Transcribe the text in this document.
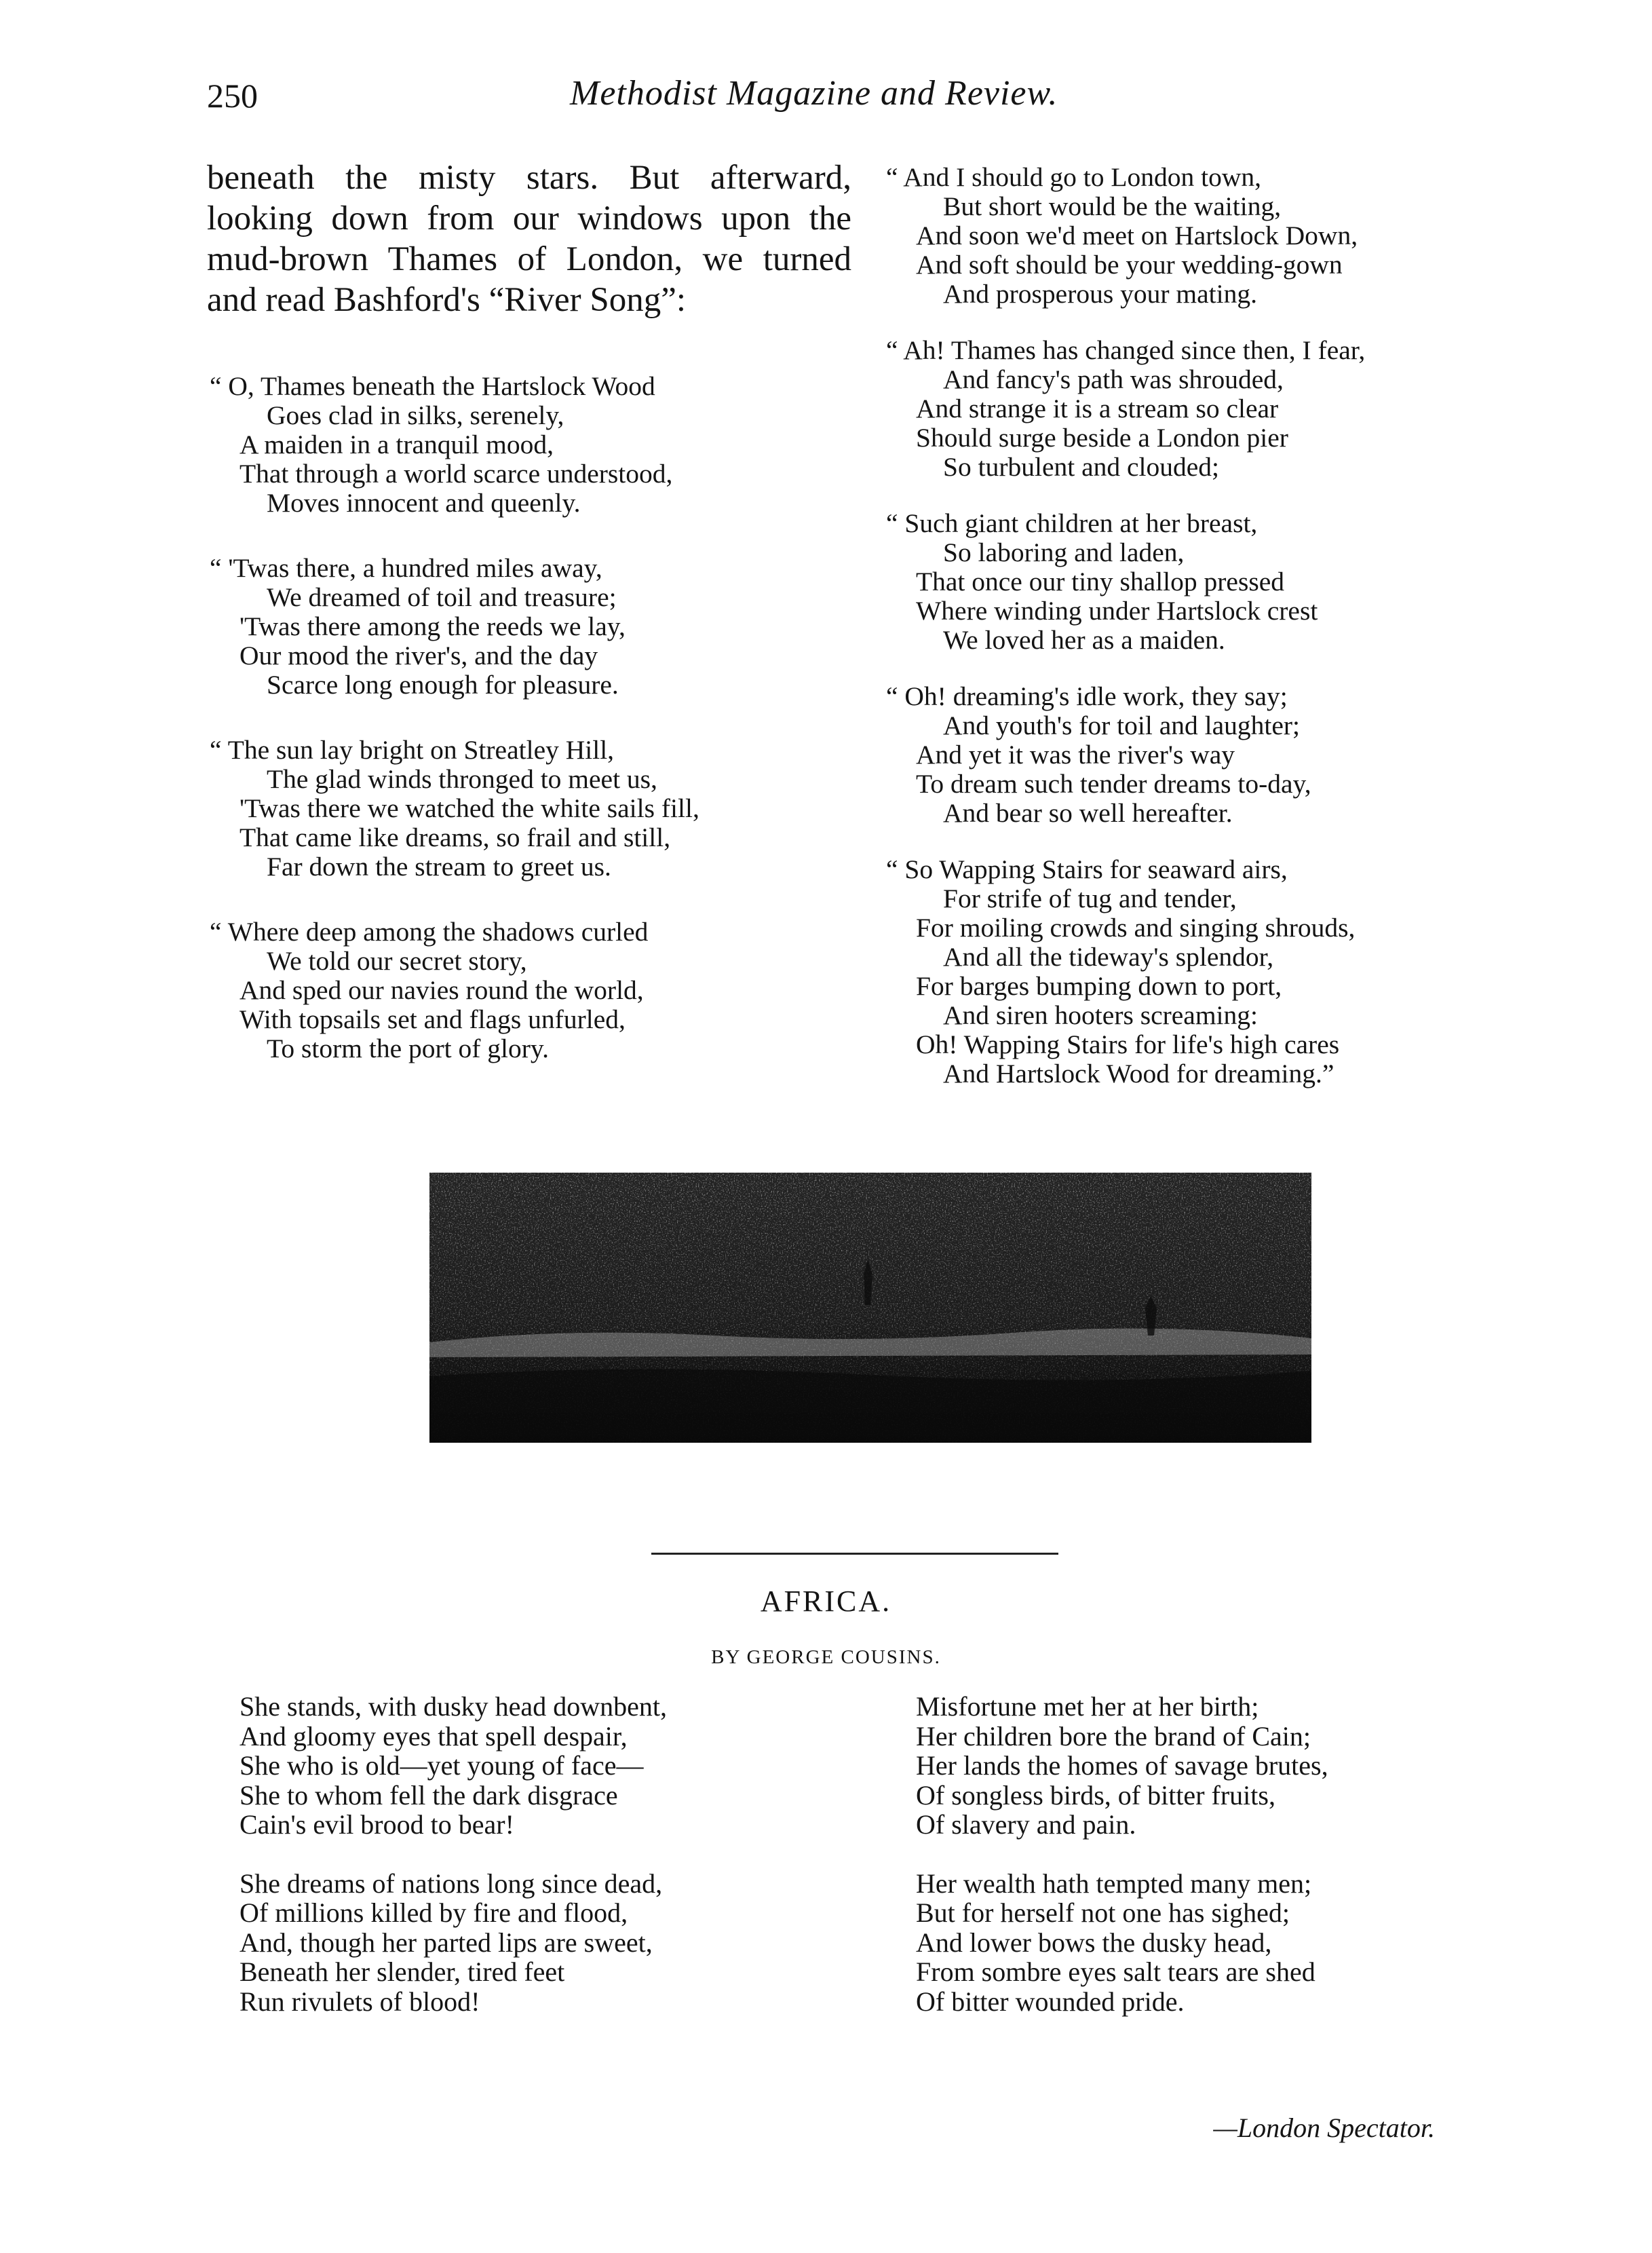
250	Methodist Magazine and Review.

beneath the misty stars. But afterward, looking down from our windows upon the mud-brown Thames of London, we turned and read Bashford's “River Song”:

“ O, Thames beneath the Hartslock Wood
Goes clad in silks, serenely,
A maiden in a tranquil mood,
That through a world scarce understood,
Moves innocent and queenly.
“ 'Twas there, a hundred miles away,
We dreamed of toil and treasure;
'Twas there among the reeds we lay,
Our mood the river's, and the day
Scarce long enough for pleasure.
“ The sun lay bright on Streatley Hill,
The glad winds thronged to meet us,
'Twas there we watched the white sails fill,
That came like dreams, so frail and still,
Far down the stream to greet us.
“ Where deep among the shadows curled
We told our secret story,
And sped our navies round the world,
With topsails set and flags unfurled,
To storm the port of glory.
“ And I should go to London town,
But short would be the waiting,
And soon we'd meet on Hartslock Down,
And soft should be your wedding-gown
And prosperous your mating.
“ Ah! Thames has changed since then, I fear,
And fancy's path was shrouded,
And strange it is a stream so clear
Should surge beside a London pier
So turbulent and clouded;
“ Such giant children at her breast,
So laboring and laden,
That once our tiny shallop pressed
Where winding under Hartslock crest
We loved her as a maiden.
“ Oh! dreaming's idle work, they say;
And youth's for toil and laughter;
And yet it was the river's way
To dream such tender dreams to-day,
And bear so well hereafter.
“ So Wapping Stairs for seaward airs,
For strife of tug and tender,
For moiling crowds and singing shrouds,
And all the tideway's splendor,
For barges bumping down to port,
And siren hooters screaming:
Oh! Wapping Stairs for life's high cares
And Hartslock Wood for dreaming.”
AFRICA.
BY GEORGE COUSINS.
She stands, with dusky head downbent,
And gloomy eyes that spell despair,
She who is old—yet young of face—
She to whom fell the dark disgrace
Cain's evil brood to bear!
She dreams of nations long since dead,
Of millions killed by fire and flood,
And, though her parted lips are sweet,
Beneath her slender, tired feet
Run rivulets of blood!
Misfortune met her at her birth;
Her children bore the brand of Cain;
Her lands the homes of savage brutes,
Of songless birds, of bitter fruits,
Of slavery and pain.
Her wealth hath tempted many men;
But for herself not one has sighed;
And lower bows the dusky head,
From sombre eyes salt tears are shed
Of bitter wounded pride.
—London Spectator.
